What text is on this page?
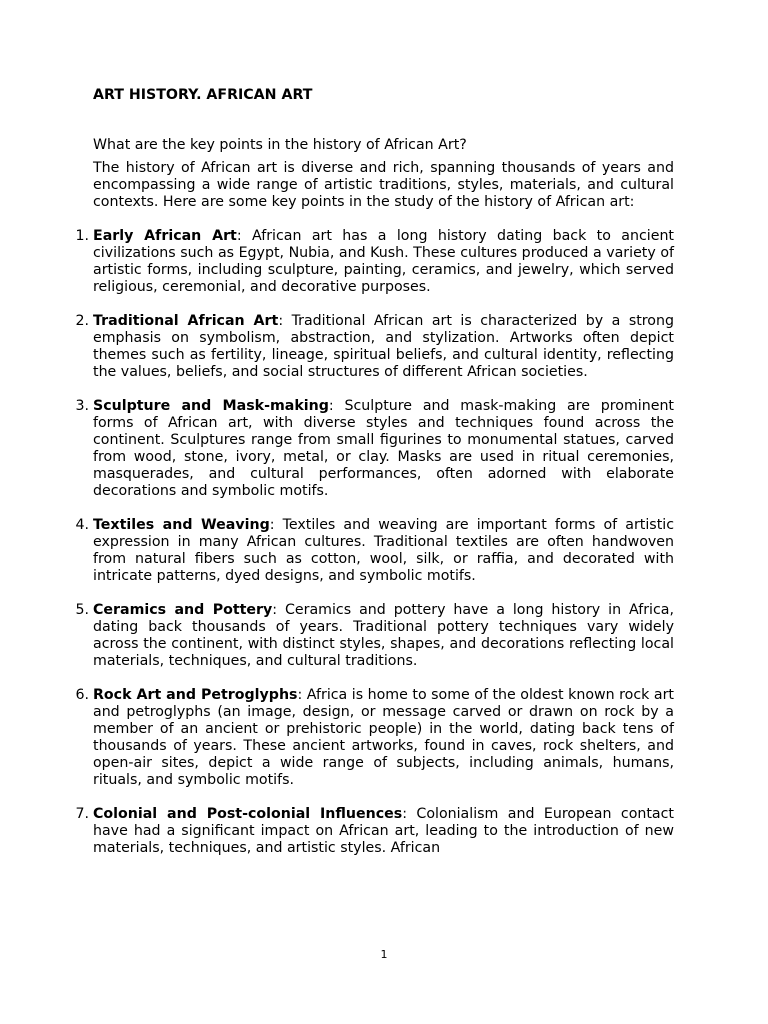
ART HISTORY. AFRICAN ART

What are the key points in the history of African Art?

The history of African art is diverse and rich, spanning thousands of years and encompassing a wide range of artistic traditions, styles, materials, and cultural contexts. Here are some key points in the study of the history of African art:

1. Early African Art: African art has a long history dating back to ancient civilizations such as Egypt, Nubia, and Kush. These cultures produced a variety of artistic forms, including sculpture, painting, ceramics, and jewelry, which served religious, ceremonial, and decorative purposes.
2. Traditional African Art: Traditional African art is characterized by a strong emphasis on symbolism, abstraction, and stylization. Artworks often depict themes such as fertility, lineage, spiritual beliefs, and cultural identity, reflecting the values, beliefs, and social structures of different African societies.
3. Sculpture and Mask-making: Sculpture and mask-making are prominent forms of African art, with diverse styles and techniques found across the continent. Sculptures range from small figurines to monumental statues, carved from wood, stone, ivory, metal, or clay. Masks are used in ritual ceremonies, masquerades, and cultural performances, often adorned with elaborate decorations and symbolic motifs.
4. Textiles and Weaving: Textiles and weaving are important forms of artistic expression in many African cultures. Traditional textiles are often handwoven from natural fibers such as cotton, wool, silk, or raffia, and decorated with intricate patterns, dyed designs, and symbolic motifs.
5. Ceramics and Pottery: Ceramics and pottery have a long history in Africa, dating back thousands of years. Traditional pottery techniques vary widely across the continent, with distinct styles, shapes, and decorations reflecting local materials, techniques, and cultural traditions.
6. Rock Art and Petroglyphs: Africa is home to some of the oldest known rock art and petroglyphs (an image, design, or message carved or drawn on rock by a member of an ancient or prehistoric people) in the world, dating back tens of thousands of years. These ancient artworks, found in caves, rock shelters, and open-air sites, depict a wide range of subjects, including animals, humans, rituals, and symbolic motifs.
7. Colonial and Post-colonial Influences: Colonialism and European contact have had a significant impact on African art, leading to the introduction of new materials, techniques, and artistic styles. African
1
